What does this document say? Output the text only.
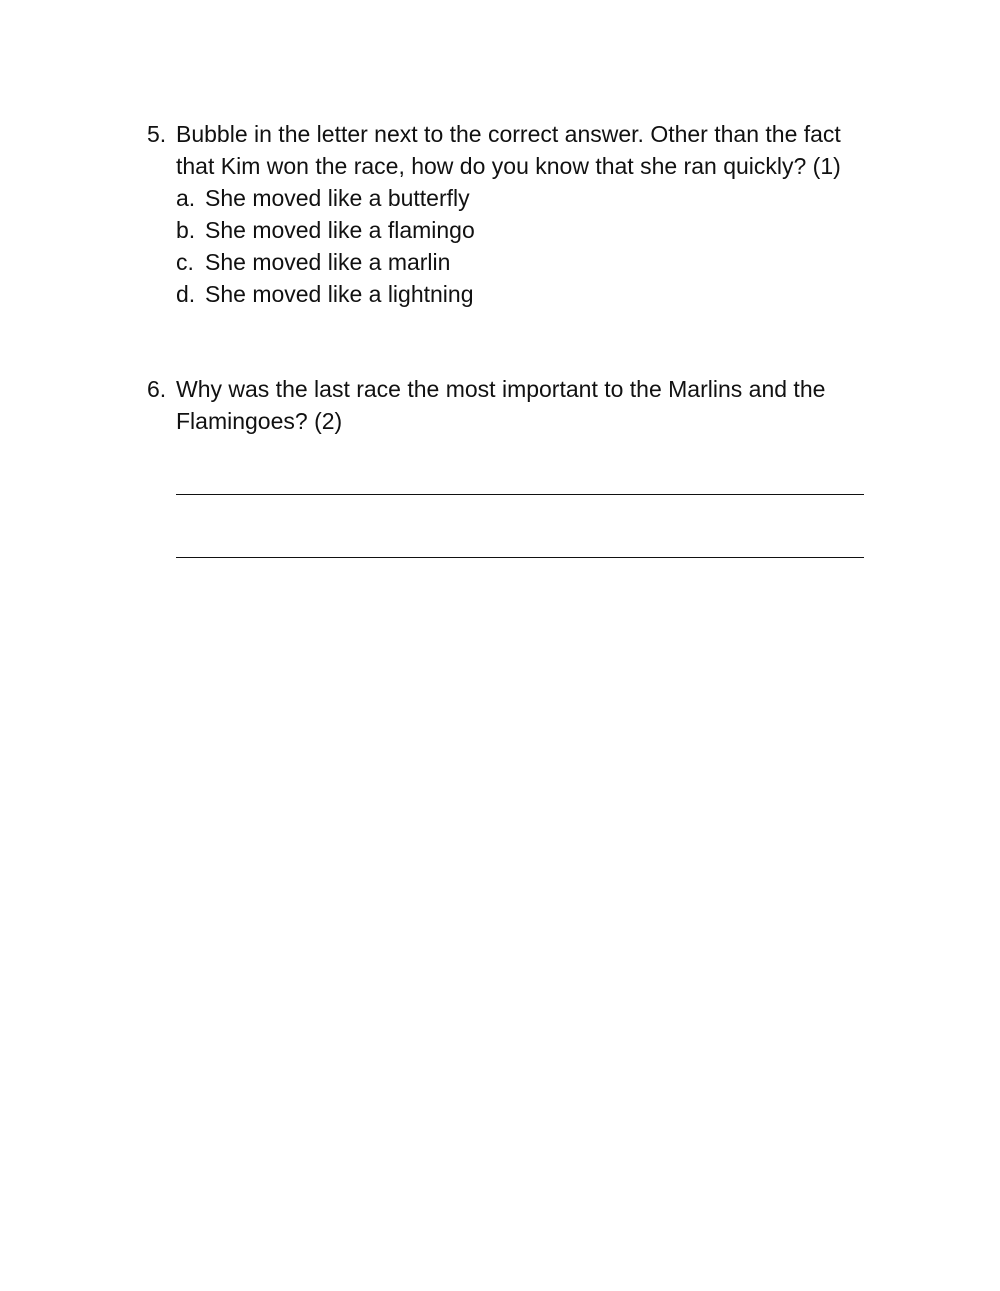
5. Bubble in the letter next to the correct answer. Other than the fact that Kim won the race, how do you know that she ran quickly? (1)
a. She moved like a butterfly
b. She moved like a flamingo
c. She moved like a marlin
d. She moved like a lightning
6. Why was the last race the most important to the Marlins and the Flamingoes? (2)
